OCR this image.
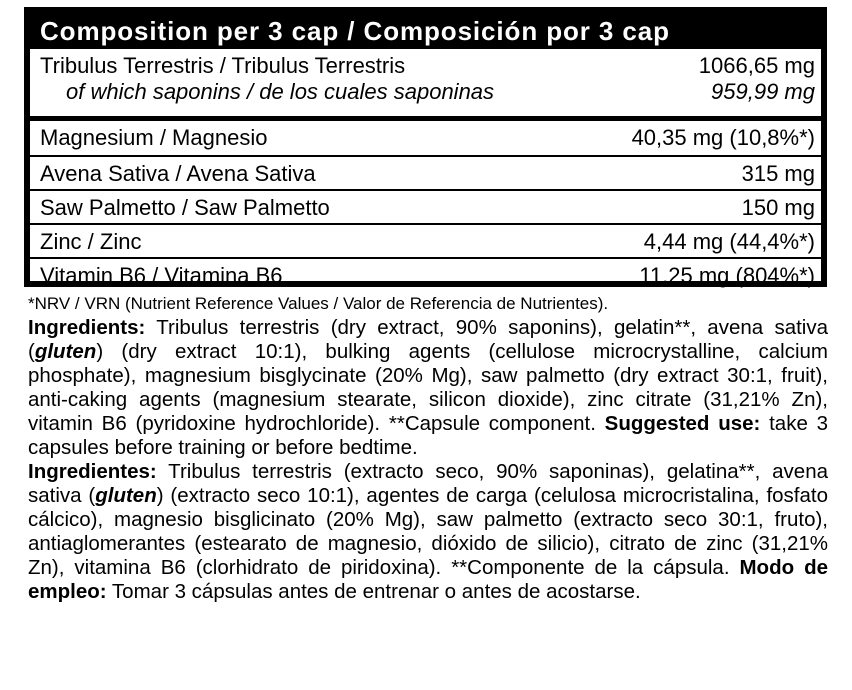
Composition per 3 cap / Composición por 3 cap
Tribulus Terrestris / Tribulus Terrestris	1066,65 mg
of which saponins / de los cuales saponinas	959,99 mg
Magnesium / Magnesio	40,35 mg (10,8%*)
Avena Sativa / Avena Sativa	315 mg
Saw Palmetto / Saw Palmetto	150 mg
Zinc / Zinc	4,44 mg (44,4%*)
Vitamin B6 / Vitamina B6	11,25 mg (804%*)
*NRV / VRN (Nutrient Reference Values / Valor de Referencia de Nutrientes).
Ingredients: Tribulus terrestris (dry extract, 90% saponins), gelatin**, avena sativa (gluten) (dry extract 10:1), bulking agents (cellulose microcrystalline, calcium phosphate), magnesium bisglycinate (20% Mg), saw palmetto (dry extract 30:1, fruit), anti-caking agents (magnesium stearate, silicon dioxide), zinc citrate (31,21% Zn), vitamin B6 (pyridoxine hydrochloride). **Capsule component. Suggested use: take 3 capsules before training or before bedtime.
Ingredientes: Tribulus terrestris (extracto seco, 90% saponinas), gelatina**, avena sativa (gluten) (extracto seco 10:1), agentes de carga (celulosa microcristalina, fosfato cálcico), magnesio bisglicinato (20% Mg), saw palmetto (extracto seco 30:1, fruto), antiaglomerantes (estearato de magnesio, dióxido de silicio), citrato de zinc (31,21% Zn), vitamina B6 (clorhidrato de piridoxina). **Componente de la cápsula. Modo de empleo: Tomar 3 cápsulas antes de entrenar o antes de acostarse.
